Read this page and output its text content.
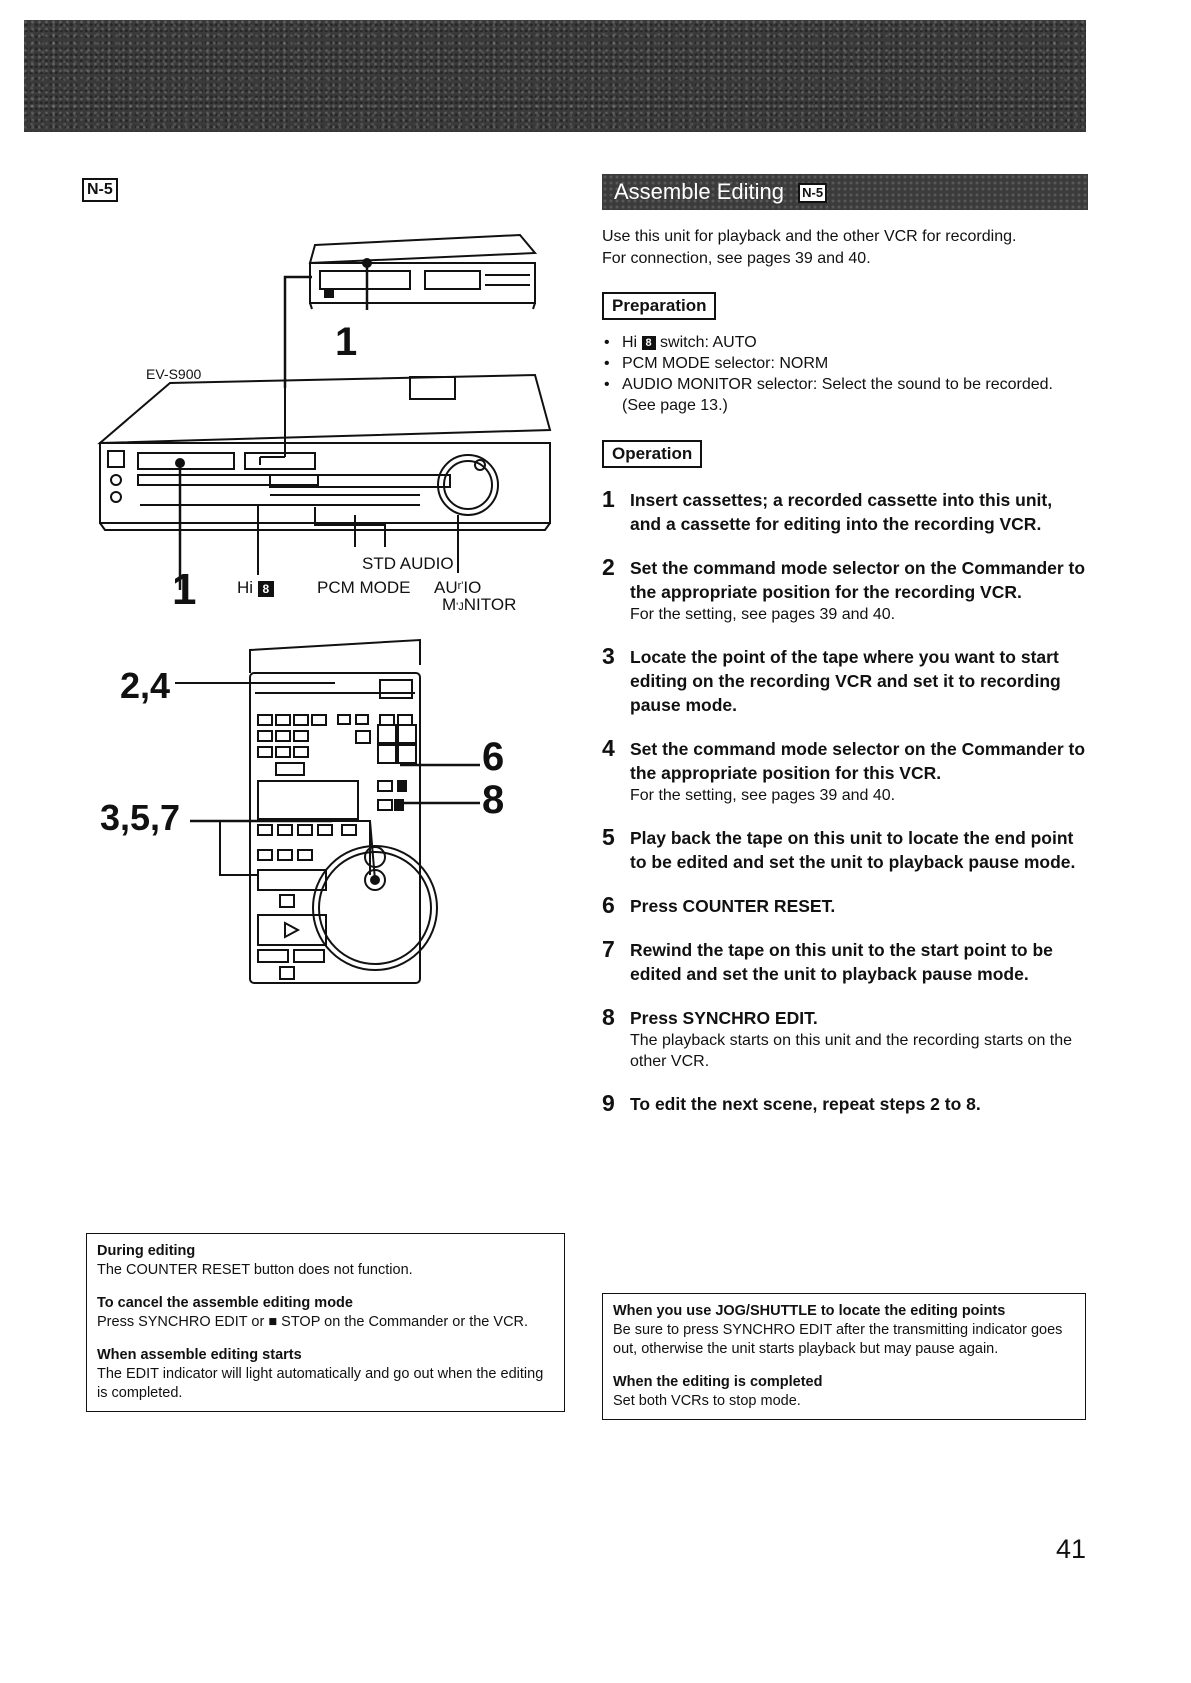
N-5
1
EV-S900
1 Hi 8	PCM MODE
STD AUDIO
$AU^{r'}IO$
M'JNITOR
2,4
6
8
3,5,7
Assemble Editing N-5
Use this unit for playback and the other VCR for recording.
For connection, see pages 39 and 40.
Preparation
• Hi 8 switch: AUTO
• PCM MODE selector: NORM
• AUDIO MONITOR selector: Select the sound to be recorded. (See page 13.)
Operation
1 Insert cassettes; a recorded cassette into this unit, and a cassette for editing into the recording VCR.
2 Set the command mode selector on the Commander to the appropriate position for the recording VCR.
For the setting, see pages 39 and 40.
3 Locate the point of the tape where you want to start editing on the recording VCR and set it to recording pause mode.
4 Set the command mode selector on the Commander to the appropriate position for this VCR.
For the setting, see pages 39 and 40.
5 Play back the tape on this unit to locate the end point to be edited and set the unit to playback pause mode.
6 Press COUNTER RESET.
7 Rewind the tape on this unit to the start point to be edited and set the unit to playback pause mode.
8 Press SYNCHRO EDIT.
The playback starts on this unit and the recording starts on the other VCR.
9 To edit the next scene, repeat steps 2 to 8.
During editing
The COUNTER RESET button does not function.
To cancel the assemble editing mode
Press SYNCHRO EDIT or ■ STOP on the Commander or the VCR.
When assemble editing starts
The EDIT indicator will light automatically and go out when the editing is completed.
When you use JOG/SHUTTLE to locate the editing points
Be sure to press SYNCHRO EDIT after the transmitting indicator goes out, otherwise the unit starts playback but may pause again.
When the editing is completed
Set both VCRs to stop mode.
41
